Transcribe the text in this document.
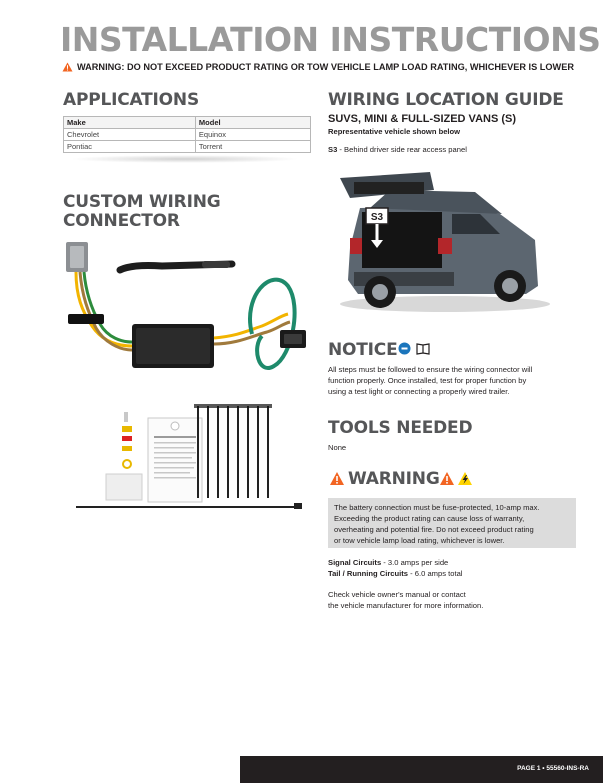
INSTALLATION INSTRUCTIONS
WARNING: DO NOT EXCEED PRODUCT RATING OR TOW VEHICLE LAMP LOAD RATING, WHICHEVER IS LOWER
APPLICATIONS
Make	Model
Chevrolet	Equinox
Pontiac	Torrent
CUSTOM WIRING
CONNECTOR
WIRING LOCATION GUIDE
SUVS, MINI & FULL-SIZED VANS (S)
Representative vehicle shown below
S3 - Behind driver side rear access panel
S3
NOTICE
All steps must be followed to ensure the wiring connector will
function properly. Once installed, test for proper function by
using a test light or connecting a properly wired trailer.
TOOLS NEEDED
None
WARNING
The battery connection must be fuse-protected, 10-amp max.
Exceeding the product rating can cause loss of warranty,
overheating and potential fire. Do not exceed product rating
or tow vehicle lamp load rating, whichever is lower.
Signal Circuits - 3.0 amps per side
Tail / Running Circuits - 6.0 amps total
Check vehicle owner's manual or contact
the vehicle manufacturer for more information.
PAGE 1 • 55560-INS-RA
